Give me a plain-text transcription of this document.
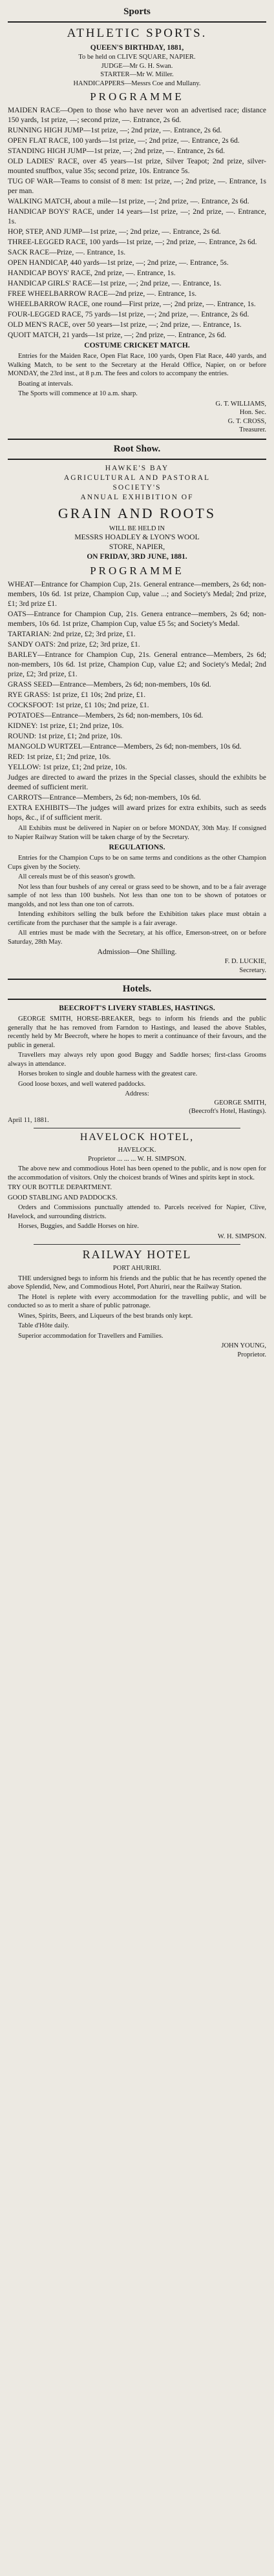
Sports
ATHLETIC SPORTS.
QUEEN'S BIRTHDAY, 1881,
To be held on CLIVE SQUARE, NAPIER.
JUDGE—Mr G. H. Swan.
STARTER—Mr W. Miller.
HANDICAPPERS—Messrs Coe and Mullany.
PROGRAMME

MAIDEN RACE—Open to those who have never won an advertised race; distance 150 yards, 1st prize, —; second prize, —. Entrance, 2s 6d.

RUNNING HIGH JUMP—1st prize, —; 2nd prize, —. Entrance, 2s 6d.

OPEN FLAT RACE, 100 yards—1st prize, —; 2nd prize, —. Entrance, 2s 6d.

STANDING HIGH JUMP—1st prize, —; 2nd prize, —. Entrance, 2s 6d.

OLD LADIES' RACE, over 45 years—1st prize, Silver Teapot; 2nd prize, silver-mounted snuffbox, value 35s; second prize, 10s. Entrance 5s.

TUG OF WAR—Teams to consist of 8 men: 1st prize, —; 2nd prize, —. Entrance, 1s per man.

WALKING MATCH, about a mile—1st prize, —; 2nd prize, —. Entrance, 2s 6d.

HANDICAP BOYS' RACE, under 14 years—1st prize, —; 2nd prize, —. Entrance, 1s.

HOP, STEP, AND JUMP—1st prize, —; 2nd prize, —. Entrance, 2s 6d.

THREE-LEGGED RACE, 100 yards—1st prize, —; 2nd prize, —. Entrance, 2s 6d.

SACK RACE—Prize, —. Entrance, 1s.

OPEN HANDICAP, 440 yards—1st prize, —; 2nd prize, —. Entrance, 5s.

HANDICAP BOYS' RACE, 2nd prize, —. Entrance, 1s.

HANDICAP GIRLS' RACE—1st prize, —; 2nd prize, —. Entrance, 1s.

FREE WHEELBARROW RACE—2nd prize, —. Entrance, 1s.

WHEELBARROW RACE, one round—First prize, —; 2nd prize, —. Entrance, 1s.

FOUR-LEGGED RACE, 75 yards—1st prize, —; 2nd prize, —. Entrance, 2s 6d.

OLD MEN'S RACE, over 50 years—1st prize, —; 2nd prize, —. Entrance, 1s.

QUOIT MATCH, 21 yards—1st prize, —; 2nd prize, —. Entrance, 2s 6d.

COSTUME CRICKET MATCH.

Entries for the Maiden Race, Open Flat Race, 100 yards, Open Flat Race, 440 yards, and Walking Match, to be sent to the Secretary at the Herald Office, Napier, on or before MONDAY, the 23rd inst., at 8 p.m. The fees and colors to accompany the entries.

Boating at intervals.

The Sports will commence at 10 a.m. sharp.

G. T. WILLIAMS,
Hon. Sec.
G. T. CROSS,
Treasurer.
Root Show.
HAWKE'S BAY
AGRICULTURAL AND PASTORAL
SOCIETY'S
ANNUAL EXHIBITION OF
GRAIN AND ROOTS
WILL BE HELD IN
MESSRS HOADLEY & LYON'S WOOL
STORE, NAPIER,
ON FRIDAY, 3RD JUNE, 1881.
PROGRAMME

WHEAT—Entrance for Champion Cup, 21s. General entrance—members, 2s 6d; non-members, 10s 6d. 1st prize, Champion Cup, value ...; and Society's Medal; 2nd prize, £1; 3rd prize £1.

OATS—Entrance for Champion Cup, 21s. Genera entrance—members, 2s 6d; non-members, 10s 6d. 1st prize, Champion Cup, value £5 5s; and Society's Medal.

TARTARIAN: 2nd prize, £2; 3rd prize, £1.

SANDY OATS: 2nd prize, £2; 3rd prize, £1.

BARLEY—Entrance for Champion Cup, 21s. General entrance—Members, 2s 6d; non-members, 10s 6d. 1st prize, Champion Cup, value £2; and Society's Medal; 2nd prize, £2; 3rd prize, £1.

GRASS SEED—Entrance—Members, 2s 6d; non-members, 10s 6d.

RYE GRASS: 1st prize, £1 10s; 2nd prize, £1.

COCKSFOOT: 1st prize, £1 10s; 2nd prize, £1.

POTATOES—Entrance—Members, 2s 6d; non-members, 10s 6d.

KIDNEY: 1st prize, £1; 2nd prize, 10s.

ROUND: 1st prize, £1; 2nd prize, 10s.

MANGOLD WURTZEL—Entrance—Members, 2s 6d; non-members, 10s 6d.

RED: 1st prize, £1; 2nd prize, 10s.

YELLOW: 1st prize, £1; 2nd prize, 10s.

Judges are directed to award the prizes in the Special classes, should the exhibits be deemed of sufficient merit.

CARROTS—Entrance—Members, 2s 6d; non-members, 10s 6d.

EXTRA EXHIBITS—The judges will award prizes for extra exhibits, such as seeds hops, &c., if of sufficient merit.

All Exhibits must be delivered in Napier on or before MONDAY, 30th May. If consigned to Napier Railway Station will be taken charge of by the Secretary.

REGULATIONS.

Entries for the Champion Cups to be on same terms and conditions as the other Champion Cups given by the Society.

All cereals must be of this season's growth.

Not less than four bushels of any cereal or grass seed to be shown, and to be a fair average sample of not less than 100 bushels. Not less than one ton to be shown of potatoes or mangolds, and not less than one ton of carrots.

Intending exhibitors selling the bulk before the Exhibition takes place must obtain a certificate from the purchaser that the sample is a fair average.

All entries must be made with the Secretary, at his office, Emerson-street, on or before Saturday, 28th May.

Admission—One Shilling.
F. D. LUCKIE,
Secretary.
Hotels.
BEECROFT'S LIVERY STABLES, HASTINGS.

GEORGE SMITH, HORSE-BREAKER, begs to inform his friends and the public generally that he has removed from Farndon to Hastings, and leased the above Stables, recently held by Mr Beecroft, where he hopes to merit a continuance of their favours, and the public in general.

Travellers may always rely upon good Buggy and Saddle horses; first-class Grooms always in attendance.

Horses broken to single and double harness with the greatest care.

Good loose boxes, and well watered paddocks.

Address:
GEORGE SMITH,
(Beecroft's Hotel, Hastings).
April 11, 1881.
HAVELOCK HOTEL,
HAVELOCK.
Proprietor ... ... ... W. H. SIMPSON.

The above new and commodious Hotel has been opened to the public, and is now open for the accommodation of visitors. Only the choicest brands of Wines and spirits kept in stock.

TRY OUR BOTTLE DEPARTMENT.

GOOD STABLING AND PADDOCKS.

Orders and Commissions punctually attended to. Parcels received for Napier, Clive, Havelock, and surrounding districts.

Horses, Buggies, and Saddle Horses on hire.

W. H. SIMPSON.
RAILWAY HOTEL
PORT AHURIRI.

THE undersigned begs to inform his friends and the public that he has recently opened the above Splendid, New, and Commodious Hotel, Port Ahuriri, near the Railway Station.

The Hotel is replete with every accommodation for the travelling public, and will be conducted so as to merit a share of public patronage.

Wines, Spirits, Beers, and Liqueurs of the best brands only kept.

Table d'Hôte daily.

Superior accommodation for Travellers and Families.

JOHN YOUNG,
Proprietor.
